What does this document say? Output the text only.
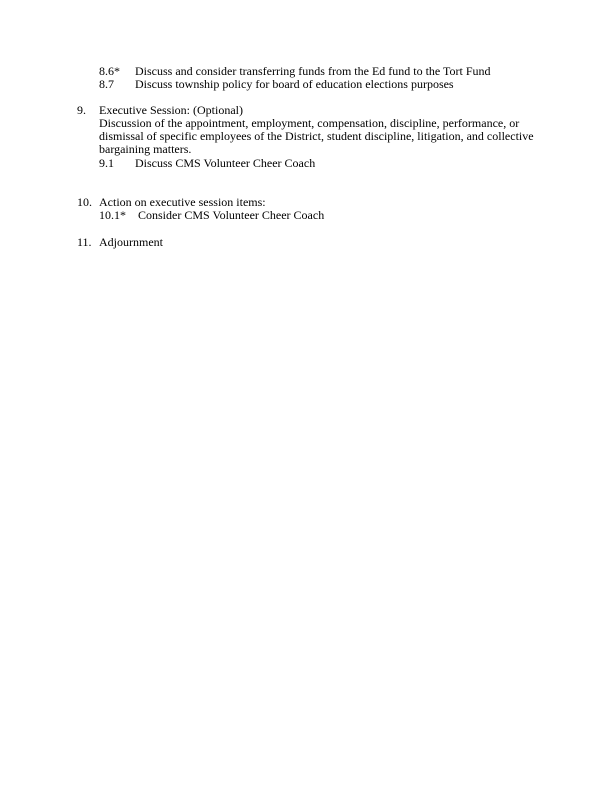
8.6* Discuss and consider transferring funds from the Ed fund to the Tort Fund
8.7 Discuss township policy for board of education elections purposes
9. Executive Session: (Optional)
Discussion of the appointment, employment, compensation, discipline, performance, or
dismissal of specific employees of the District, student discipline, litigation, and collective
bargaining matters.
9.1 Discuss CMS Volunteer Cheer Coach
10. Action on executive session items:
10.1* Consider CMS Volunteer Cheer Coach
11. Adjournment
